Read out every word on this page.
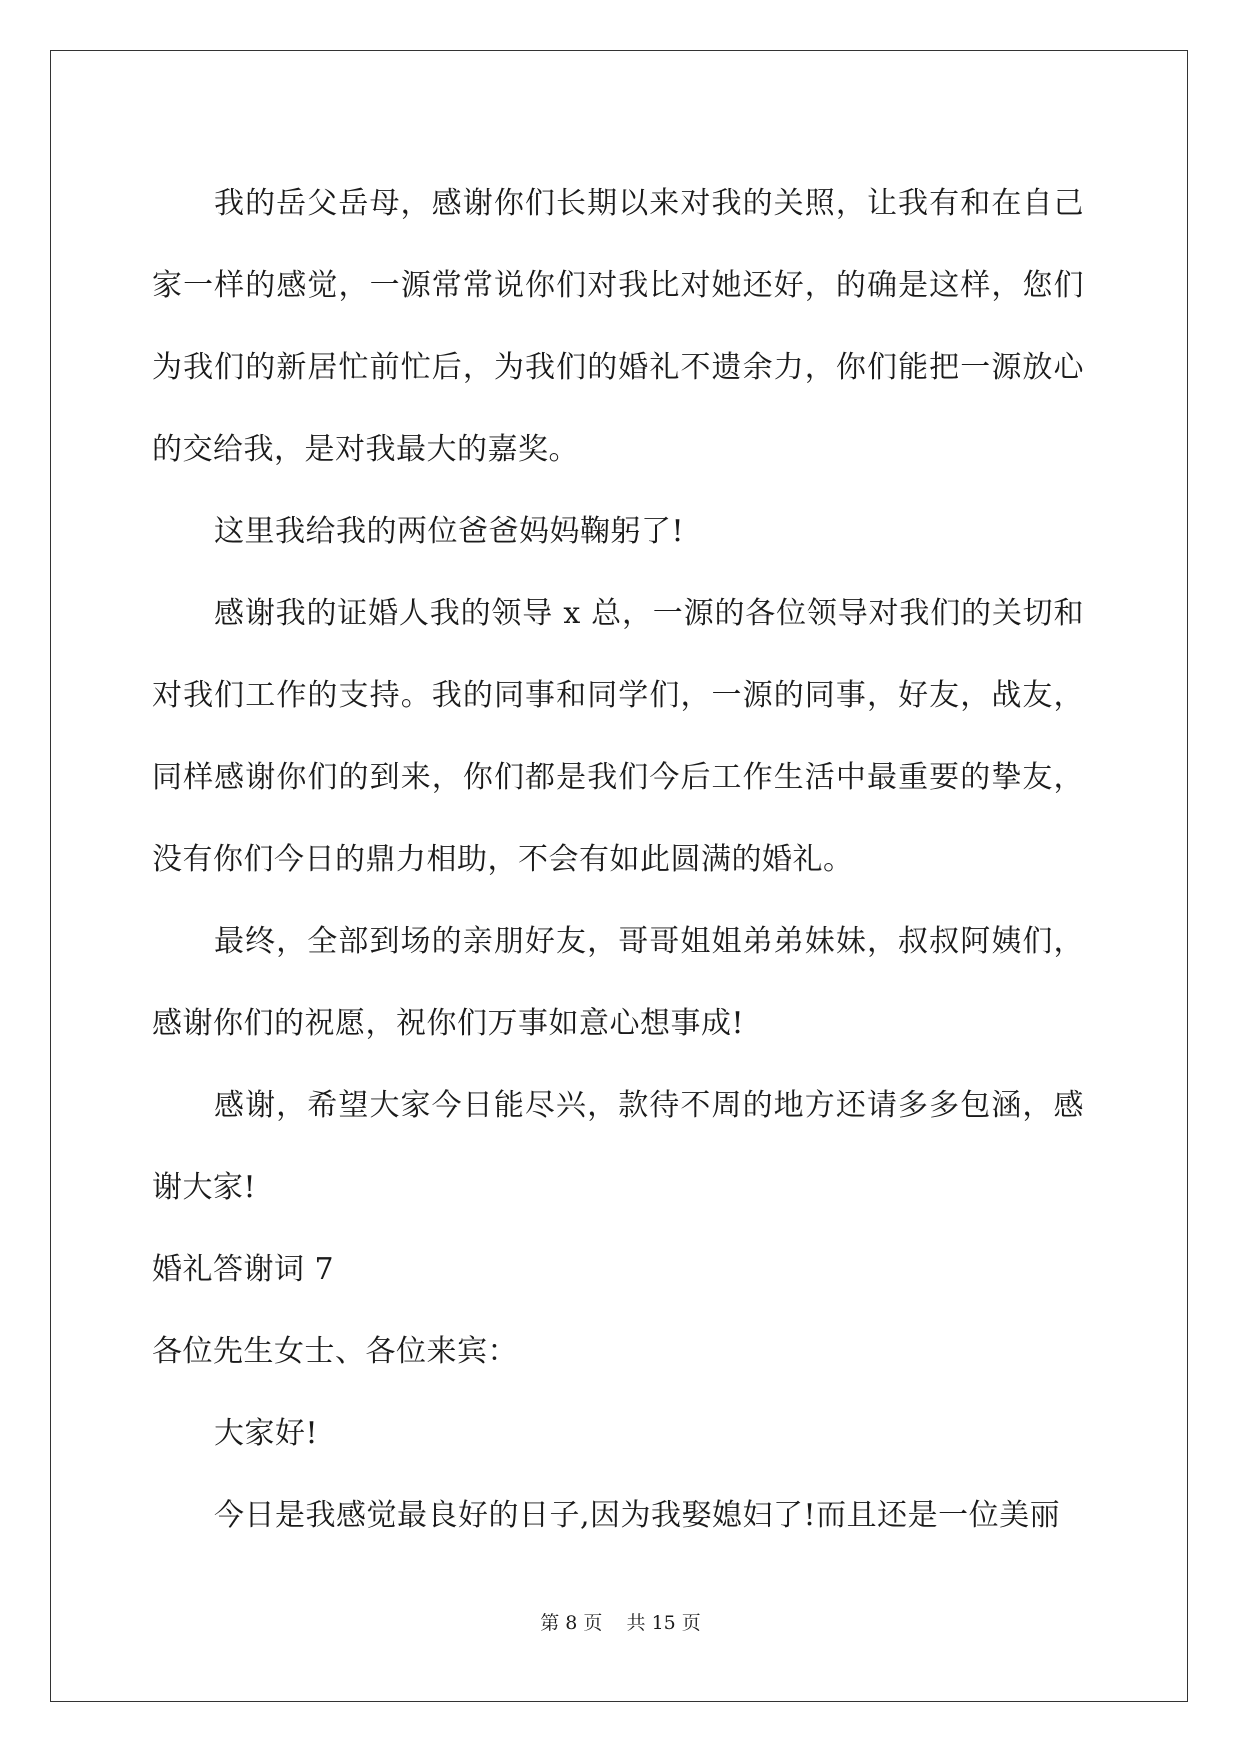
我的岳父岳母，感谢你们长期以来对我的关照，让我有和在自己家一样的感觉，一源常常说你们对我比对她还好，的确是这样，您们为我们的新居忙前忙后，为我们的婚礼不遗余力，你们能把一源放心的交给我，是对我最大的嘉奖。

这里我给我的两位爸爸妈妈鞠躬了!

感谢我的证婚人我的领导 x 总，一源的各位领导对我们的关切和对我们工作的支持。我的同事和同学们，一源的同事，好友，战友，同样感谢你们的到来，你们都是我们今后工作生活中最重要的挚友，没有你们今日的鼎力相助，不会有如此圆满的婚礼。

最终，全部到场的亲朋好友，哥哥姐姐弟弟妹妹，叔叔阿姨们，感谢你们的祝愿，祝你们万事如意心想事成!

感谢，希望大家今日能尽兴，款待不周的地方还请多多包涵，感谢大家!

婚礼答谢词 7

各位先生女士、各位来宾：

大家好!

今日是我感觉最良好的日子,因为我娶媳妇了!而且还是一位美丽

第 8 页    共 15 页
